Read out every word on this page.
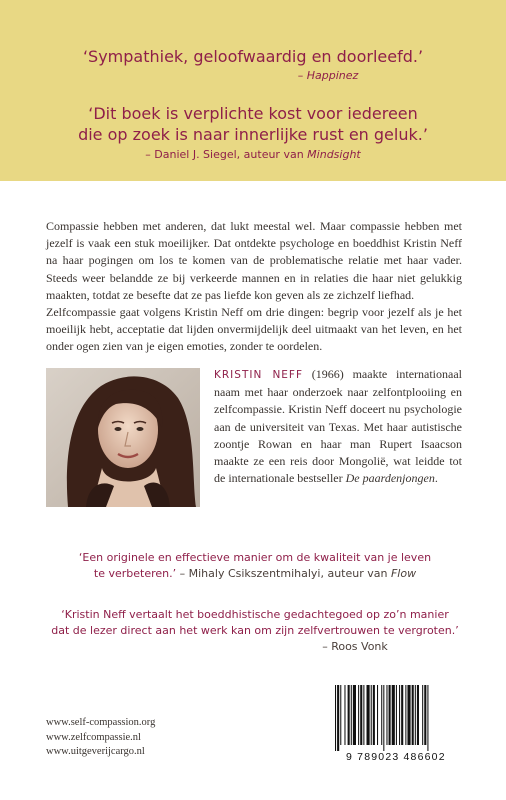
‘Sympathiek, geloofwaardig en doorleefd.’
– Happinez
‘Dit boek is verplichte kost voor iedereen
die op zoek is naar innerlijke rust en geluk.’
– Daniel J. Siegel, auteur van Mindsight

Compassie hebben met anderen, dat lukt meestal wel. Maar compassie hebben met jezelf is vaak een stuk moeilijker. Dat ontdekte psychologe en boeddhist Kristin Neff na haar pogingen om los te komen van de problematische relatie met haar vader. Steeds weer belandde ze bij verkeerde mannen en in relaties die haar niet gelukkig maakten, totdat ze besefte dat ze pas liefde kon geven als ze zichzelf liefhad.

Zelfcompassie gaat volgens Kristin Neff om drie dingen: begrip voor jezelf als je het moeilijk hebt, acceptatie dat lijden onvermijdelijk deel uitmaakt van het leven, en het onder ogen zien van je eigen emoties, zonder te oordelen.

KRISTIN NEFF (1966) maakte internationaal naam met haar onderzoek naar zelfontplooiing en zelfcompassie. Kristin Neff doceert nu psychologie aan de universiteit van Texas. Met haar autistische zoontje Rowan en haar man Rupert Isaacson maakte ze een reis door Mongolië, wat leidde tot de internationale bestseller De paardenjongen.
‘Een originele en effectieve manier om de kwaliteit van je leven
te verbeteren.’ – Mihaly Csikszentmihalyi, auteur van Flow
‘Kristin Neff vertaalt het boeddhistische gedachtegoed op zo’n manier
dat de lezer direct aan het werk kan om zijn zelfvertrouwen te vergroten.’
– Roos Vonk
www.self-compassion.org
www.zelfcompassie.nl
www.uitgeverijcargo.nl	9 789023 486602
